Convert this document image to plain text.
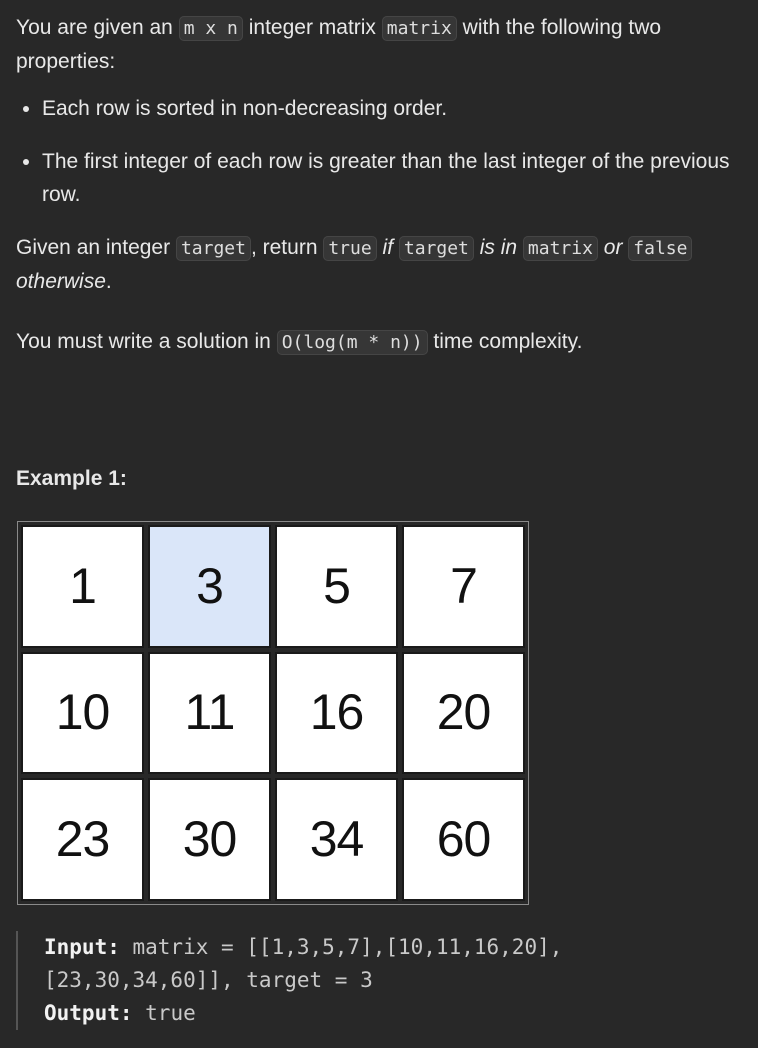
You are given an m x n integer matrix matrix with the following two properties:

• Each row is sorted in non-decreasing order.
• The first integer of each row is greater than the last integer of the previous row.

Given an integer target , return true if target is in matrix or false otherwise.

You must write a solution in O(log(m * n)) time complexity.

Example 1:
1	3	5	7
10	11	16	20
23	30	34	60
Input: matrix = [[1,3,5,7],[10,11,16,20],[23,30,34,60]], target = 3
Output: true
